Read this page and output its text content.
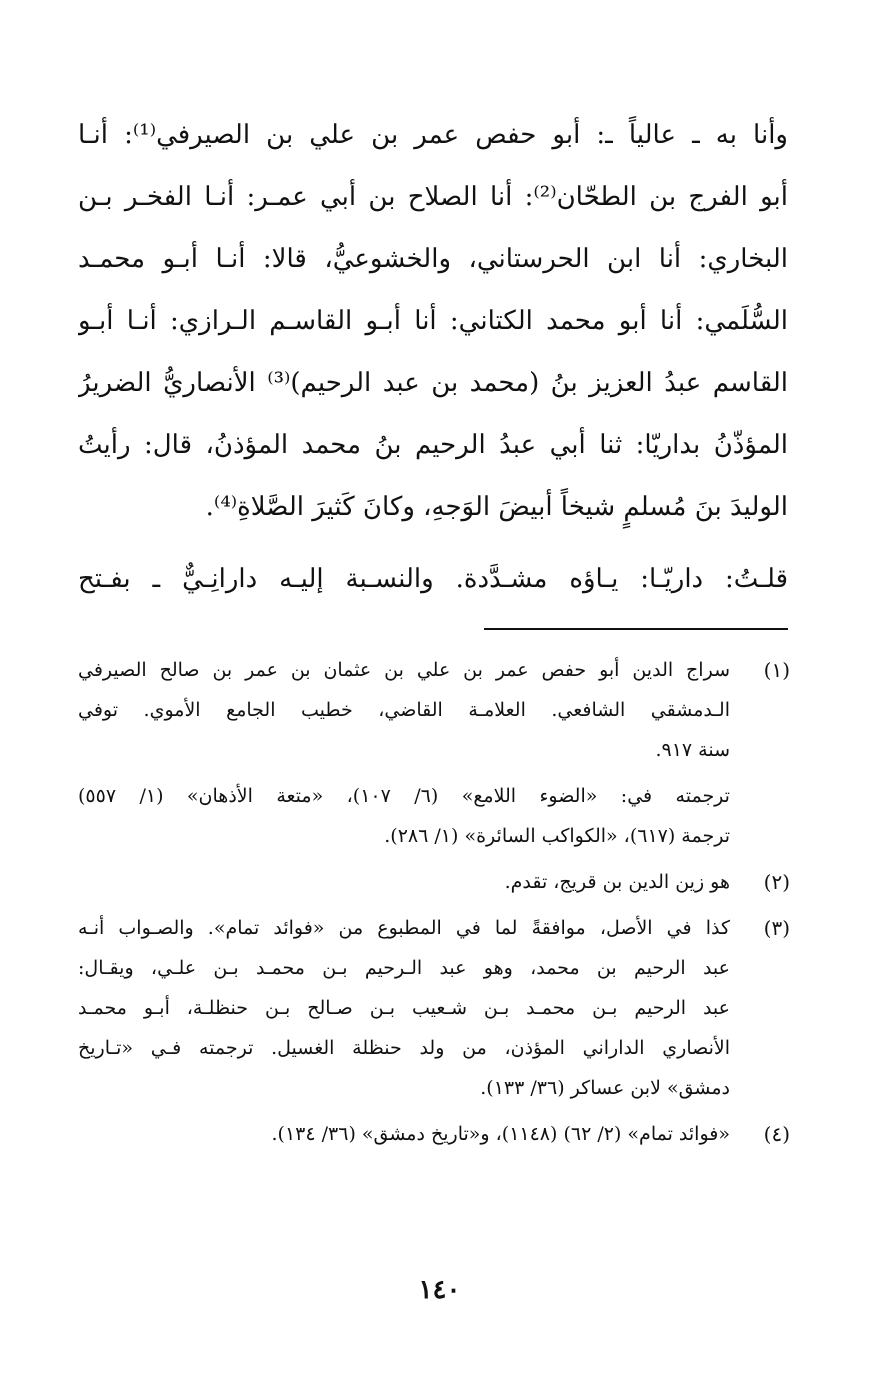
وأنا به ـ عالياً ـ: أبو حفص عمر بن علي بن الصيرفي⁽¹⁾: أنـا
أبو الفرج بن الطحّان⁽²⁾: أنا الصلاح بن أبي عمـر: أنـا الفخـر بـن
البخاري: أنا ابن الحرستاني، والخشوعيُّ، قالا: أنـا أبـو محمـد
السُّلَمي: أنا أبو محمد الكتاني: أنا أبـو القاسـم الـرازي: أنـا أبـو
القاسم عبدُ العزيز بنُ (محمد بن عبد الرحيم)⁽³⁾ الأنصاريُّ الضريرُ
المؤذّنُ بداريّا: ثنا أبي عبدُ الرحيم بنُ محمد المؤذنُ، قال: رأيتُ
الوليدَ بنَ مُسلمٍ شيخاً أبيضَ الوَجهِ، وكانَ كَثيرَ الصَّلاةِ⁽⁴⁾.
قلـتُ: داريّـا: يـاؤه مشـدَّدة. والنسـبة إليـه دارانِـيٌّ ـ بفـتح
(١)
سراج الدين أبو حفص عمر بن علي بن عثمان بن عمر بن صالح الصيرفي
الـدمشقي الشافعي. العلامـة القاضي، خطيب الجامع الأموي. توفي
سنة ٩١٧.
ترجمته في: «الضوء اللامع» (٦/ ١٠٧)، «متعة الأذهان» (١/ ٥٥٧)
ترجمة (٦١٧)، «الكواكب السائرة» (١/ ٢٨٦).
(٢)
هو زين الدين بن قريج، تقدم.
(٣)
كذا في الأصل، موافقةً لما في المطبوع من «فوائد تمام». والصـواب أنـه
عبد الرحيم بن محمد، وهو عبد الـرحيم بـن محمـد بـن علـي، ويقـال:
عبد الرحيم بـن محمـد بـن شـعيب بـن صـالح بـن حنظلـة، أبـو محمـد
الأنصاري الداراني المؤذن، من ولد حنظلة الغسيل. ترجمته فـي «تـاريخ
دمشق» لابن عساكر (٣٦/ ١٣٣).
(٤)
«فوائد تمام» (٢/ ٦٢) (١١٤٨)، و«تاريخ دمشق» (٣٦/ ١٣٤).
١٤٠
